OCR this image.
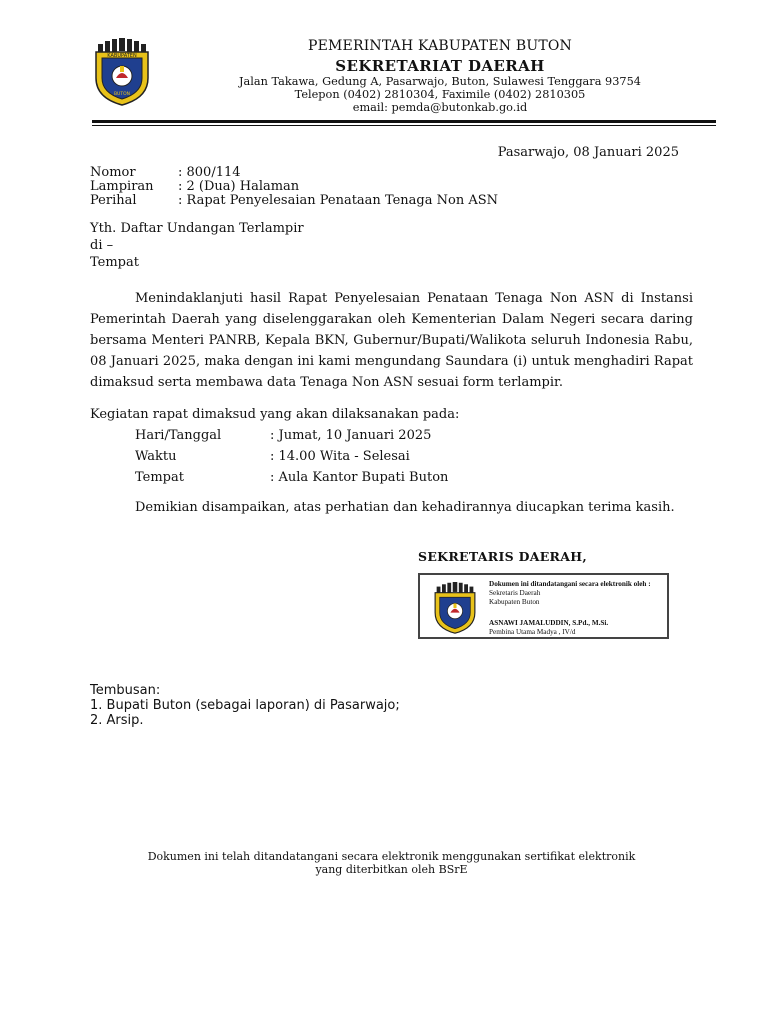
KABUPATEN
BUTON
PEMERINTAH KABUPATEN BUTON
SEKRETARIAT DAERAH
Jalan Takawa, Gedung A, Pasarwajo, Buton, Sulawesi Tenggara 93754
Telepon (0402) 2810304, Faximile (0402) 2810305
email: pemda@butonkab.go.id
Pasarwajo, 08 Januari 2025
Nomor	: 800/114
Lampiran : 2 (Dua) Halaman
Perihal	: Rapat Penyelesaian Penataan Tenaga Non ASN
Yth. Daftar Undangan Terlampir
di –
Tempat
Menindaklanjuti hasil Rapat Penyelesaian Penataan Tenaga Non ASN di Instansi Pemerintah Daerah yang diselenggarakan oleh Kementerian Dalam Negeri secara daring bersama Menteri PANRB, Kepala BKN, Gubernur/Bupati/Walikota seluruh Indonesia Rabu, 08 Januari 2025, maka dengan ini kami mengundang Saundara (i) untuk menghadiri Rapat dimaksud serta membawa data Tenaga Non ASN sesuai form terlampir.
Kegiatan rapat dimaksud yang akan dilaksanakan pada:
Hari/Tanggal	: Jumat, 10 Januari 2025
Waktu	: 14.00 Wita - Selesai
Tempat	: Aula Kantor Bupati Buton
Demikian disampaikan, atas perhatian dan kehadirannya diucapkan terima kasih.
SEKRETARIS DAERAH,
Dokumen ini ditandatangani secara elektronik oleh :
Sekretaris Daerah
Kabupaten Buton
ASNAWI JAMALUDDIN, S.Pd., M.Si.
Pembina Utama Madya , IV/d
Tembusan:
1. Bupati Buton (sebagai laporan) di Pasarwajo;
2. Arsip.
Dokumen ini telah ditandatangani secara elektronik menggunakan sertifikat elektronik
yang diterbitkan oleh BSrE
